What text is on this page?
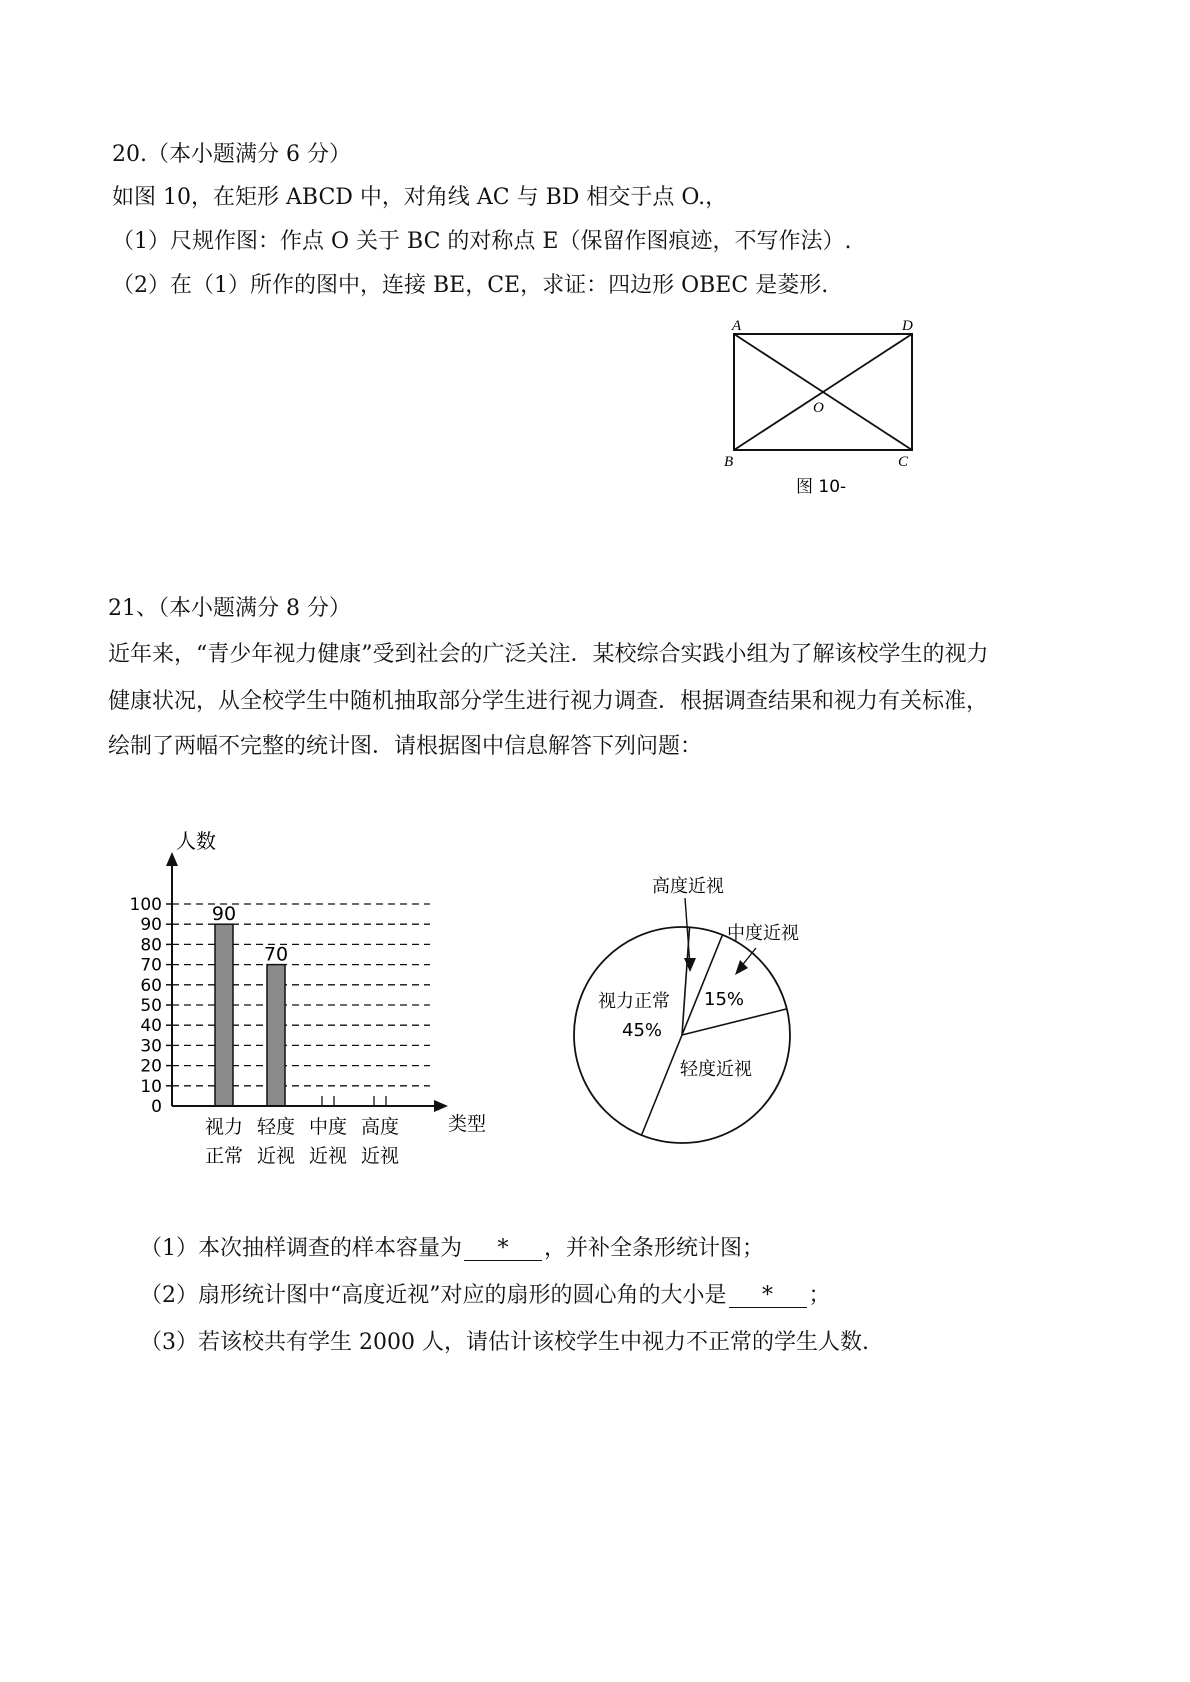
20.（本小题满分 6 分）
如图 10，在矩形 ABCD 中，对角线 AC 与 BD 相交于点 O.，
（1）尺规作图：作点 O 关于 BC 的对称点 E（保留作图痕迹，不写作法）.
（2）在（1）所作的图中，连接 BE，CE，求证：四边形 OBEC 是菱形.
A	D
B	C
O
图 10-
21、（本小题满分 8 分）
近年来，“青少年视力健康”受到社会的广泛关注．某校综合实践小组为了解该校学生的视力
健康状况，从全校学生中随机抽取部分学生进行视力调查．根据调查结果和视力有关标准，
绘制了两幅不完整的统计图．请根据图中信息解答下列问题：
人数
类型
0
10
20
30
40
50
60
70
80
90
100	90
70
视力
正常
轻度
近视
中度
近视
高度
近视
高度近视
中度近视
15%
视力正常
45%
轻度近视
（1）本次抽样调查的样本容量为 * ，并补全条形统计图；
（2）扇形统计图中“高度近视”对应的扇形的圆心角的大小是 * ；
（3）若该校共有学生 2000 人，请估计该校学生中视力不正常的学生人数.
